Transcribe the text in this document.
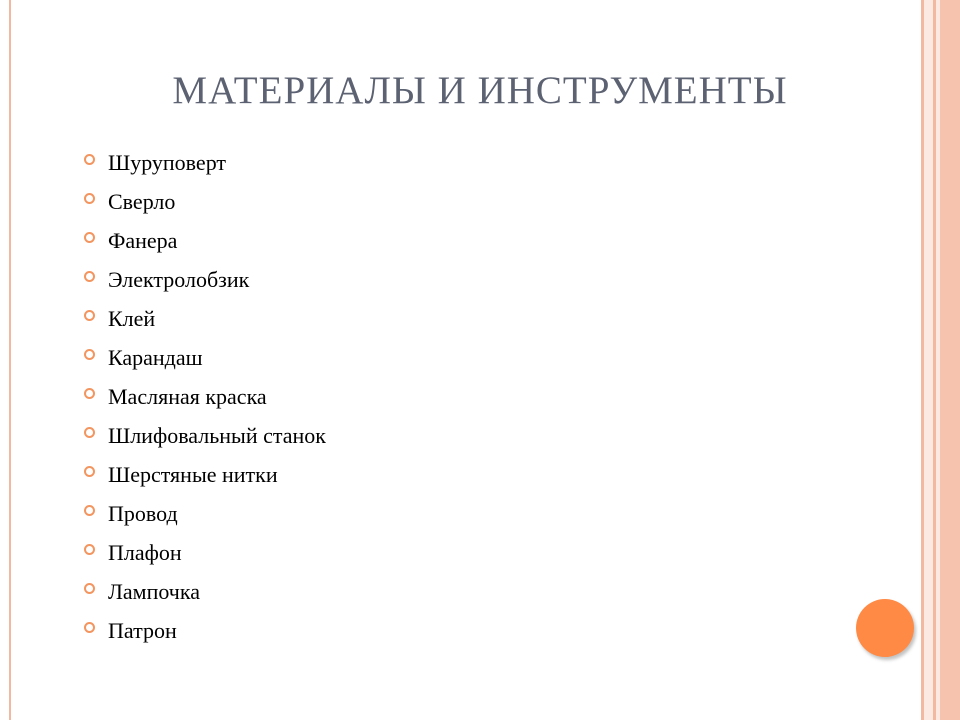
МАТЕРИАЛЫ И ИНСТРУМЕНТЫ
Шуруповерт
Сверло
Фанера
Электролобзик
Клей
Карандаш
Масляная краска
Шлифовальный станок
Шерстяные нитки
Провод
Плафон
Лампочка
Патрон
